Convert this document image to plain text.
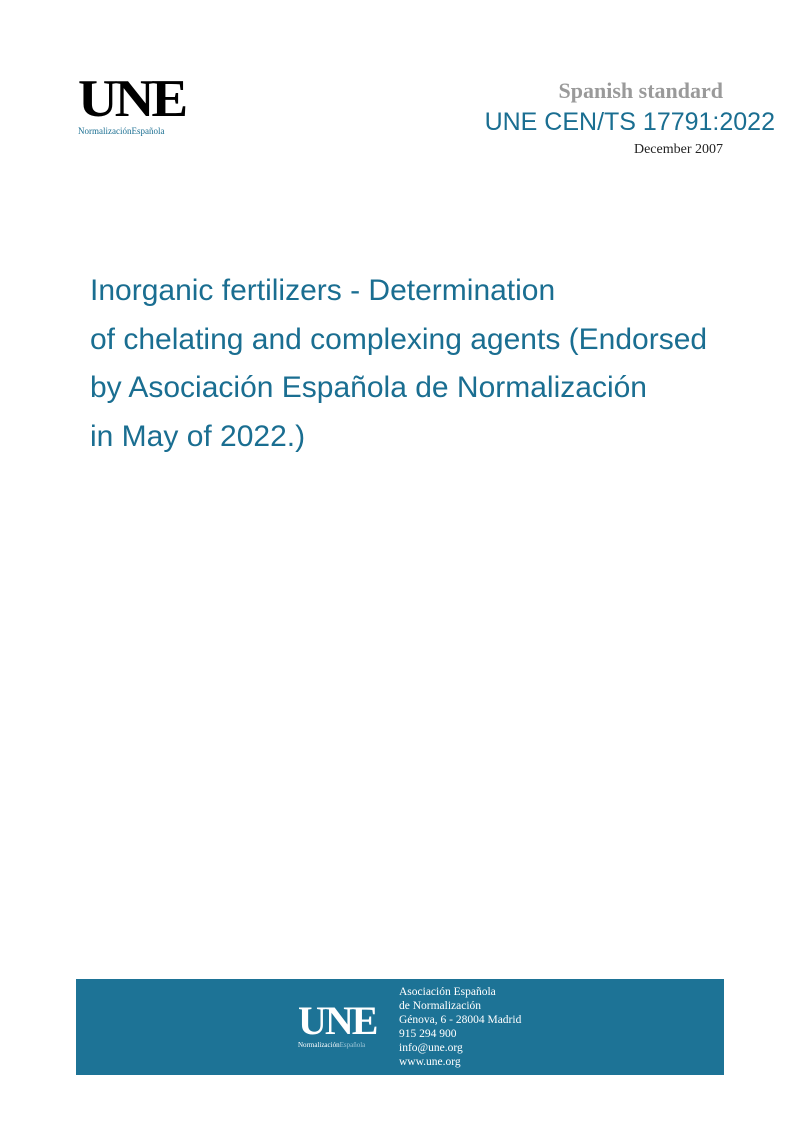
UNE
NormalizaciónEspañola
Spanish standard
UNE CEN/TS 17791:2022
December 2007
Inorganic fertilizers - Determination
of chelating and complexing agents (Endorsed
by Asociación Española de Normalización
in May of 2022.)
UNE
NormalizaciónEspañola
Asociación Española
de Normalización
Génova, 6 - 28004 Madrid
915 294 900
info@une.org
www.une.org
